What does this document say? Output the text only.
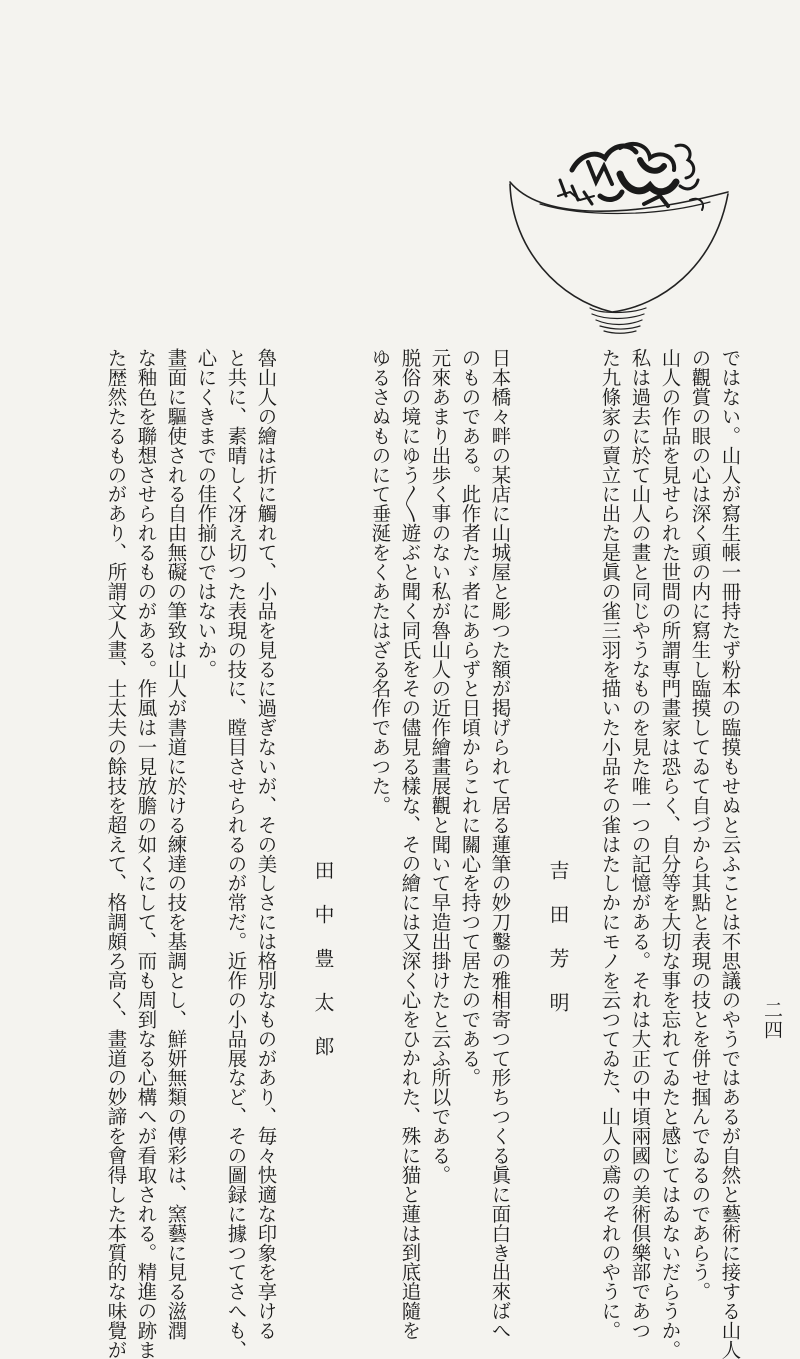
二四
ではない。山人が寫生帳一冊持たず粉本の臨摸もせぬと云ふことは不思議のやうではあるが自然と藝術に接する山人
の觀賞の眼の心は深く頭の内に寫生し臨摸してゐて自づから其點と表現の技とを併せ掴んでゐるのであらう。
山人の作品を見せられた世間の所謂専門畫家は恐らく、自分等を大切な事を忘れてゐたと感じてはゐないだらうか。
私は過去に於て山人の畫と同じやうなものを見た唯一つの記憶がある。それは大正の中頃兩國の美術倶樂部であつ
た九條家の賣立に出た是眞の雀三羽を描いた小品その雀はたしかにモノを云つてゐた、山人の鳶のそれのやうに。
吉田芳明
日本橋々畔の某店に山城屋と彫つた額が掲げられて居る蓮筆の妙刀鑿の雅相寄つて形ちつくる眞に面白き出來ばへ
のものである。此作者たゞ者にあらずと日頃からこれに關心を持つて居たのである。
元來あまり出歩く事のない私が魯山人の近作繪畫展觀と聞いて早造出掛けたと云ふ所以である。
脱俗の境にゆう〳〵遊ぶと聞く同氏をその儘見る樣な、その繪には又深く心をひかれた、殊に猫と蓮は到底追隨を
ゆるさぬものにて垂涎をくあたはざる名作であつた。
田中豊太郎
魯山人の繪は折に觸れて、小品を見るに過ぎないが、その美しさには格別なものがあり、毎々快適な印象を享ける
と共に、素晴しく冴え切つた表現の技に、瞠目させられるのが常だ。近作の小品展など、その圖録に據つてさへも、
心にくきまでの佳作揃ひではないか。
畫面に驅使される自由無礙の筆致は山人が書道に於ける練達の技を基調とし、鮮妍無類の傅彩は、窯藝に見る滋潤
な釉色を聯想させられるものがある。作風は一見放膽の如くにして、而も周到なる心構へが看取される。精進の跡ま
た歴然たるものがあり、所謂文人畫、士太夫の餘技を超えて、格調頗ろ高く、畫道の妙諦を會得した本質的な味覺が
